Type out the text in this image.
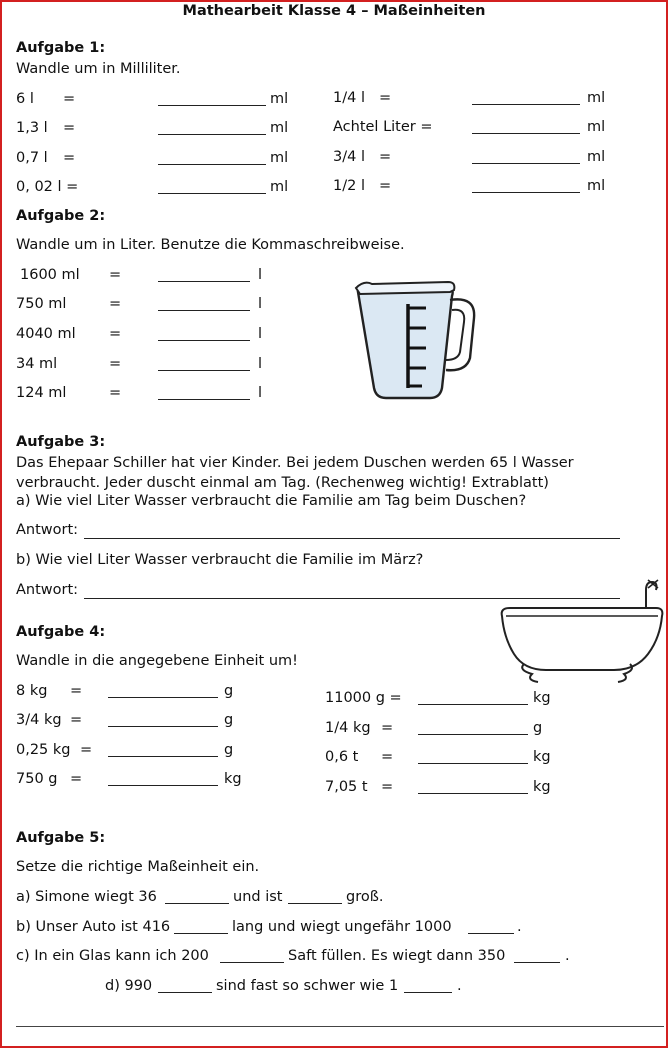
Mathearbeit Klasse 4 – Maßeinheiten
Aufgabe 1:
Wandle um in Milliliter.
6 l =	ml
1,3 l =	ml
0,7 l =	ml
0, 02 l =	ml
1/4 l =	ml
Achtel Liter =	ml
3/4 l =	ml
1/2 l =	ml
Aufgabe 2:
Wandle um in Liter. Benutze die Kommaschreibweise.
1600 ml =	l
750 ml	=	l
4040 ml =	l
34 ml	=	l
124 ml	=	l
Aufgabe 3:
Das Ehepaar Schiller hat vier Kinder. Bei jedem Duschen werden 65 l Wasser verbraucht. Jeder duscht einmal am Tag. (Rechenweg wichtig! Extrablatt)
a) Wie viel Liter Wasser verbraucht die Familie am Tag beim Duschen?
Antwort:
b) Wie viel Liter Wasser verbraucht die Familie im März?
Antwort:
Aufgabe 4:
Wandle in die angegebene Einheit um!
8 kg =	g
3/4 kg =	g
0,25 kg =	g
750 g =	kg
11000 g =	kg
1/4 kg =	g
0,6 t =	kg
7,05 t =	kg
Aufgabe 5:
Setze die richtige Maßeinheit ein.
a) Simone wiegt 36	und ist	groß.
b) Unser Auto ist 416	lang und wiegt ungefähr 1000	.
c) In ein Glas kann ich 200	Saft füllen. Es wiegt dann 350	.
d) 990	sind fast so schwer wie 1	.
